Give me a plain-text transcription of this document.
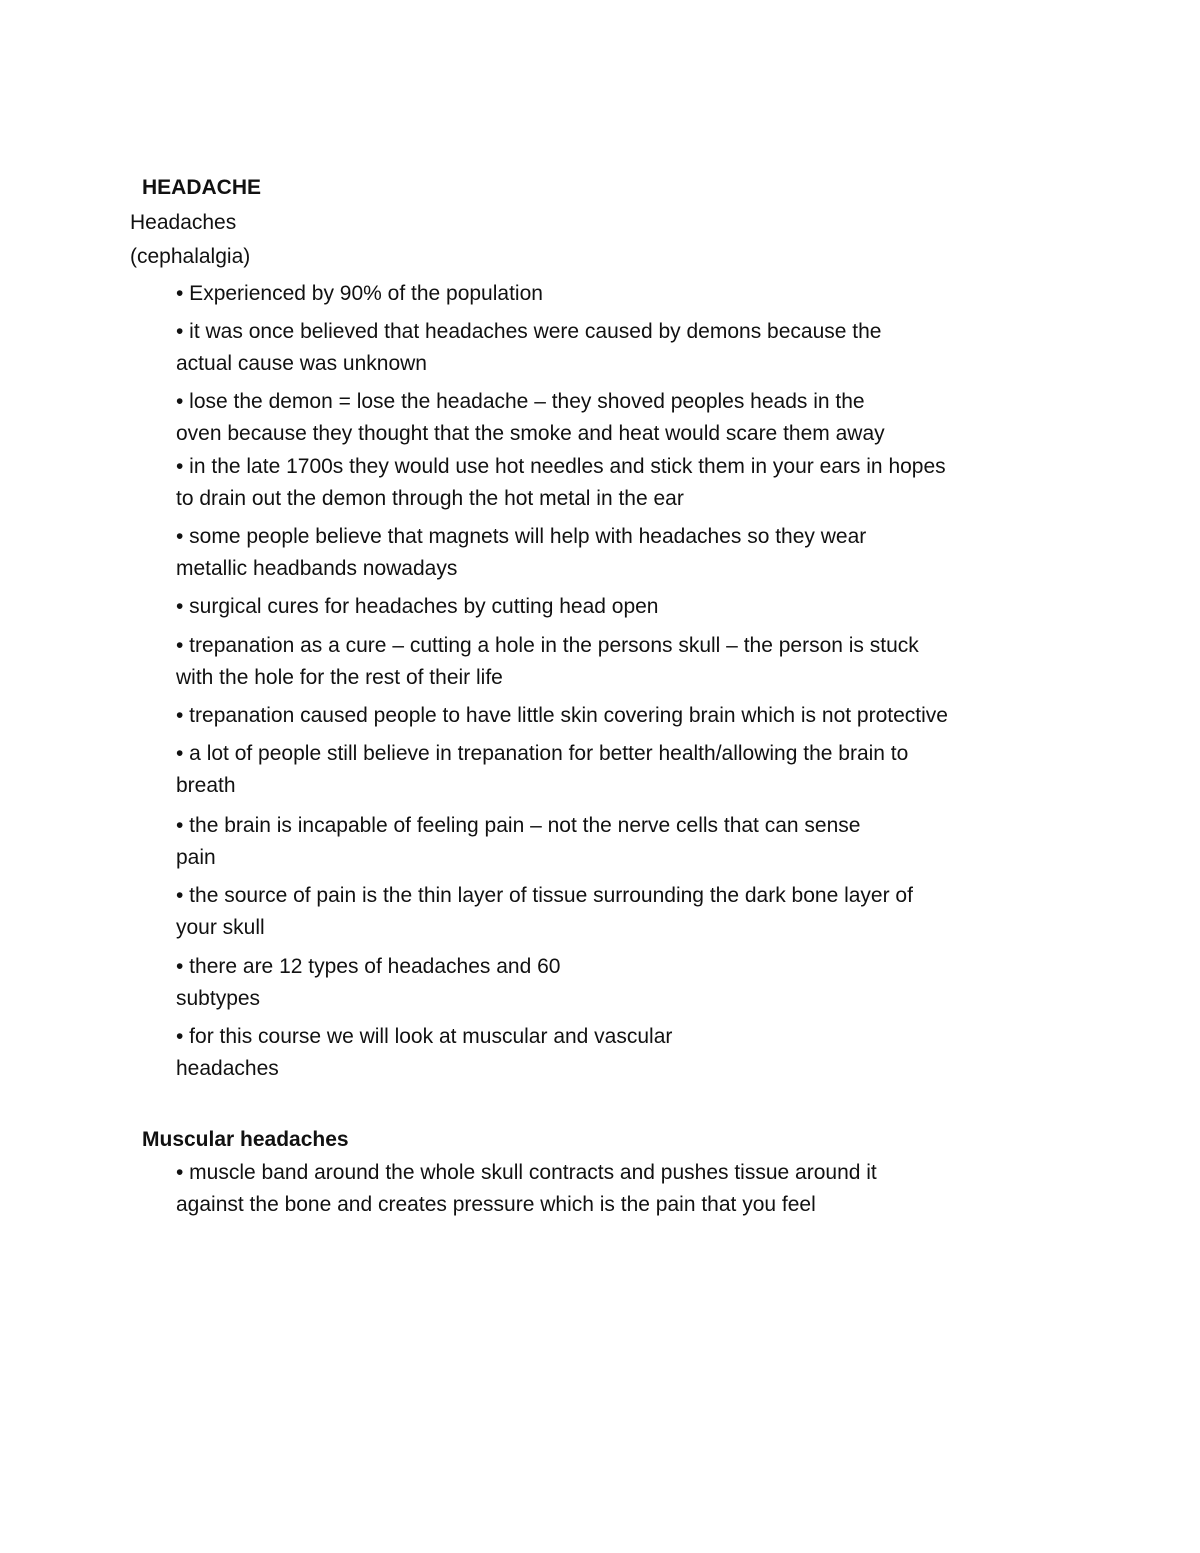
HEADACHE
Headaches
(cephalalgia)
• Experienced by 90% of the population
• it was once believed that headaches were caused by demons because the
actual cause was unknown
• lose the demon = lose the headache – they shoved peoples heads in the
oven because they thought that the smoke and heat would scare them away
• in the late 1700s they would use hot needles and stick them in your ears in hopes
to drain out the demon through the hot metal in the ear
• some people believe that magnets will help with headaches so they wear
metallic headbands nowadays
• surgical cures for headaches by cutting head open
• trepanation as a cure – cutting a hole in the persons skull – the person is stuck
with the hole for the rest of their life
• trepanation caused people to have little skin covering brain which is not protective
• a lot of people still believe in trepanation for better health/allowing the brain to
breath
• the brain is incapable of feeling pain – not the nerve cells that can sense
pain
• the source of pain is the thin layer of tissue surrounding the dark bone layer of
your skull
• there are 12 types of headaches and 60
subtypes
• for this course we will look at muscular and vascular
headaches
Muscular headaches
• muscle band around the whole skull contracts and pushes tissue around it
against the bone and creates pressure which is the pain that you feel
